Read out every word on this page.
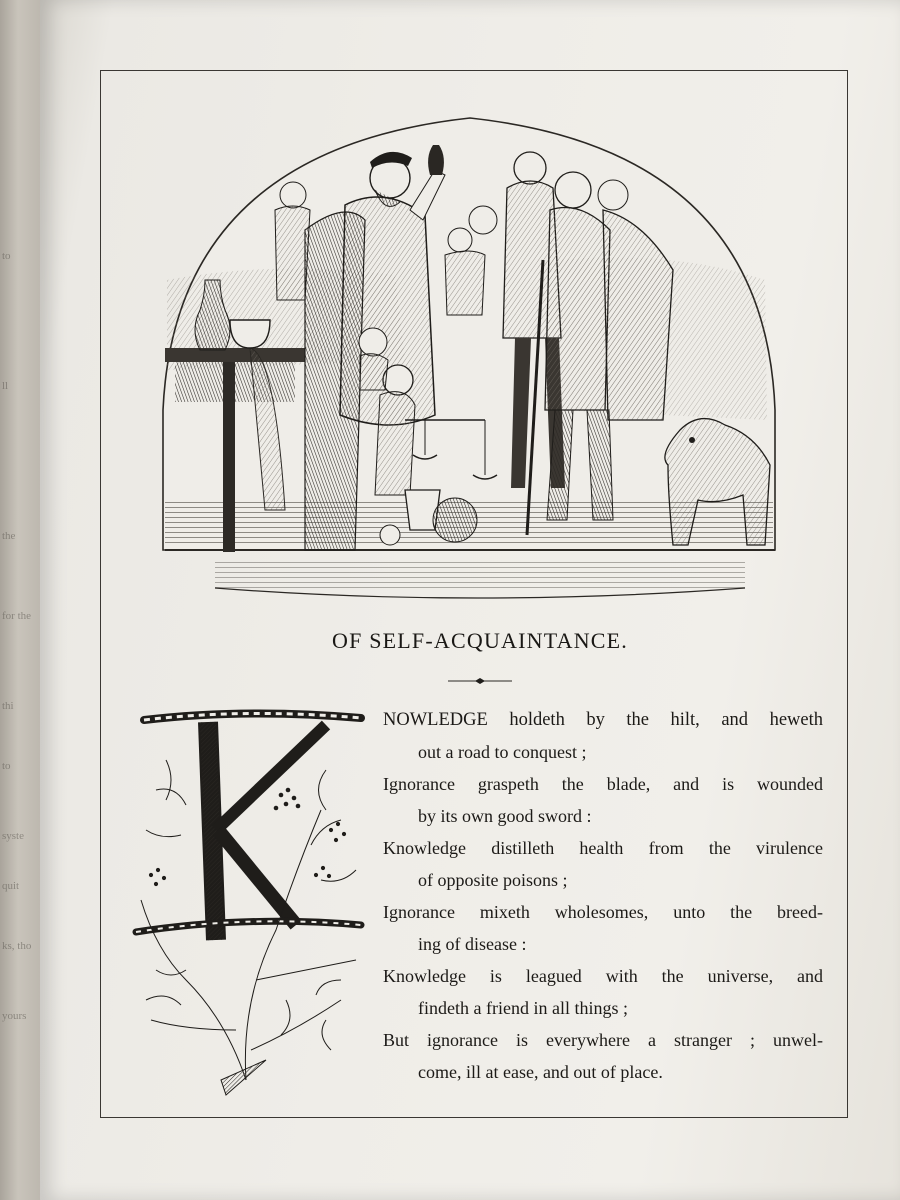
to
ll
the
for the
thi
to
syste
quit
ks, tho
yours
OF SELF-ACQUAINTANCE.
NOWLEDGE holdeth by the hilt, and heweth
out a road to conquest ;
Ignorance graspeth the blade, and is wounded
by its own good sword :
Knowledge distilleth health from the virulence
of opposite poisons ;
Ignorance mixeth wholesomes, unto the breed-
ing of disease :
Knowledge is leagued with the universe, and
findeth a friend in all things ;
But ignorance is everywhere a stranger ; unwel-
come, ill at ease, and out of place.
